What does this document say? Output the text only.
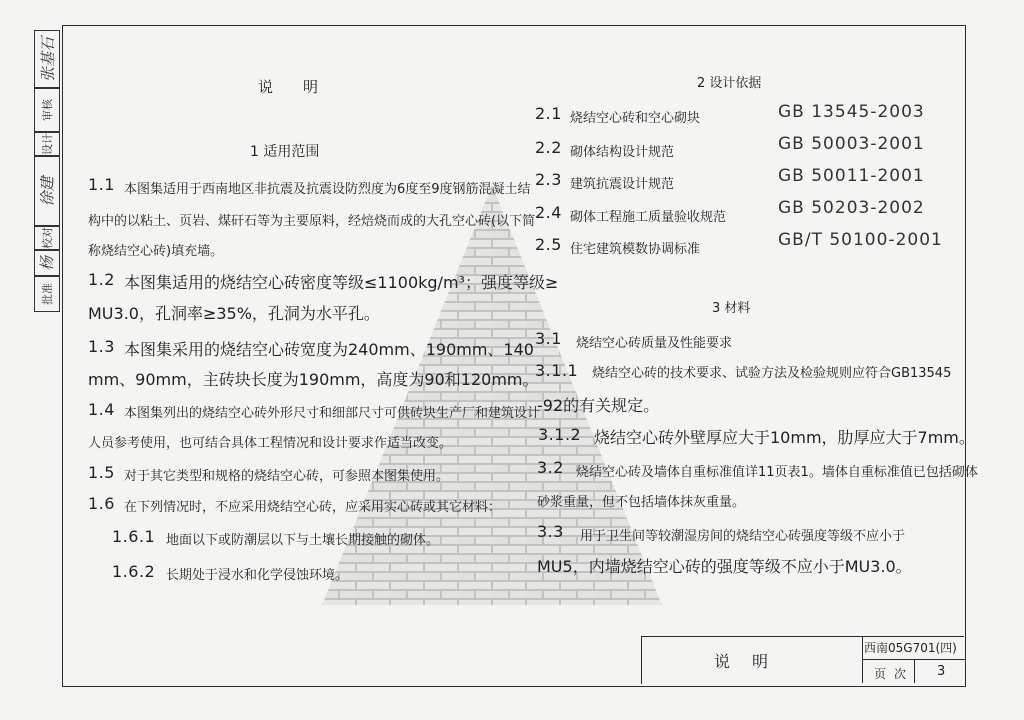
张基石
审核
设计
徐建
校对
杨
批准
说明
1 适用范围
1.1 本图集适用于西南地区非抗震及抗震设防烈度为6度至9度钢筋混凝土结
构中的以粘土、页岩、煤矸石等为主要原料，经焙烧而成的大孔空心砖(以下简
称烧结空心砖)填充墙。
1.2 本图集适用的烧结空心砖密度等级≤1100kg/m³；强度等级≥
MU3.0，孔洞率≥35%，孔洞为水平孔。
1.3 本图集采用的烧结空心砖宽度为240mm、190mm、140
mm、90mm，主砖块长度为190mm，高度为90和120mm。
1.4 本图集列出的烧结空心砖外形尺寸和细部尺寸可供砖块生产厂和建筑设计
人员参考使用，也可结合具体工程情况和设计要求作适当改变。
1.5 对于其它类型和规格的烧结空心砖，可参照本图集使用。
1.6 在下列情况时，不应采用烧结空心砖，应采用实心砖或其它材料：
1.6.1 地面以下或防潮层以下与土壤长期接触的砌体。
1.6.2 长期处于浸水和化学侵蚀环境。
2 设计依据
2.1 烧结空心砖和空心砌块	GB 13545-2003
2.2 砌体结构设计规范	GB 50003-2001
2.3 建筑抗震设计规范	GB 50011-2001
2.4 砌体工程施工质量验收规范	GB 50203-2002
2.5 住宅建筑模数协调标准	GB/T 50100-2001
3 材料
3.1 烧结空心砖质量及性能要求
3.1.1 烧结空心砖的技术要求、试验方法及检验规则应符合GB13545
-92的有关规定。
3.1.2 烧结空心砖外壁厚应大于10mm，肋厚应大于7mm。
3.2 烧结空心砖及墙体自重标准值详11页表1。墙体自重标准值已包括砌体
砂浆重量，但不包括墙体抹灰重量。
3.3 用于卫生间等较潮湿房间的烧结空心砖强度等级不应小于
MU5，内墙烧结空心砖的强度等级不应小于MU3.0。
说明
西南05G701(四)
页次 3
